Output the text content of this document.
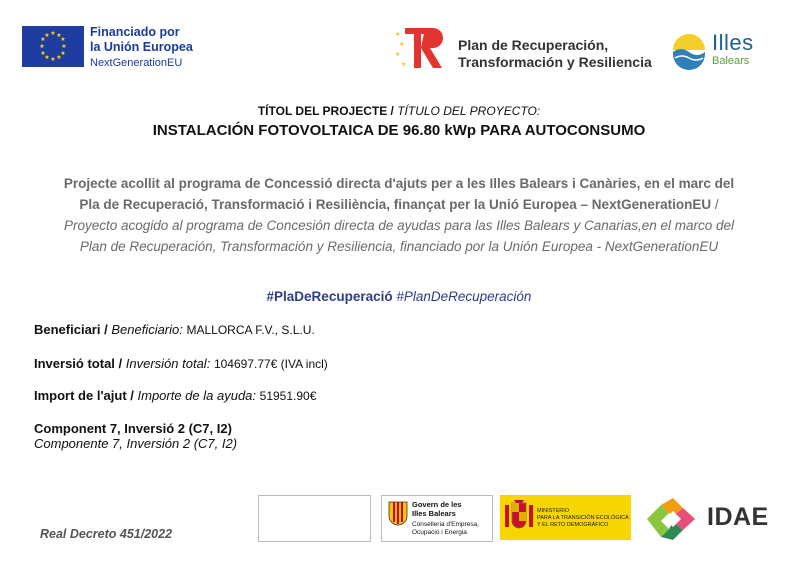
★ ★
★
★
★
★
★
★
★
★
★
★	Financiado por
la Unión Europea
NextGenerationEU
★
★
★
★
Plan de Recuperación,
Transformación y Resiliencia
Illes
Balears
TÍTOL DEL PROJECTE / TÍTULO DEL PROYECTO:
INSTALACIÓN FOTOVOLTAICA DE 96.80 kWp PARA AUTOCONSUMO
Projecte acollit al programa de Concessió directa d'ajuts per a les Illes Balears i Canàries, en el marc del Pla de Recuperació, Transformació i Resiliència, finançat per la Unió Europea – NextGenerationEU / Proyecto acogido al programa de Concesión directa de ayudas para las Illes Balears y Canarias,en el marco del Plan de Recuperación, Transformación y Resiliencia, financiado por la Unión Europea - NextGenerationEU
#PlaDeRecuperació #PlanDeRecuperación
Beneficiari / Beneficiario: MALLORCA F.V., S.L.U.
Inversió total / Inversión total: 104697.77€ (IVA incl)
Import de l'ajut / Importe de la ayuda: 51951.90€
Component 7, Inversió 2 (C7, I2)
Componente 7, Inversión 2 (C7, I2)
Real Decreto 451/2022
Govern de les
Illes Balears
Conselleria d'Empresa,
Ocupació i Energia
MINISTERIO
PARA LA TRANSICIÓN ECOLÓGICA
Y EL RETO DEMOGRÁFICO	IDAE
